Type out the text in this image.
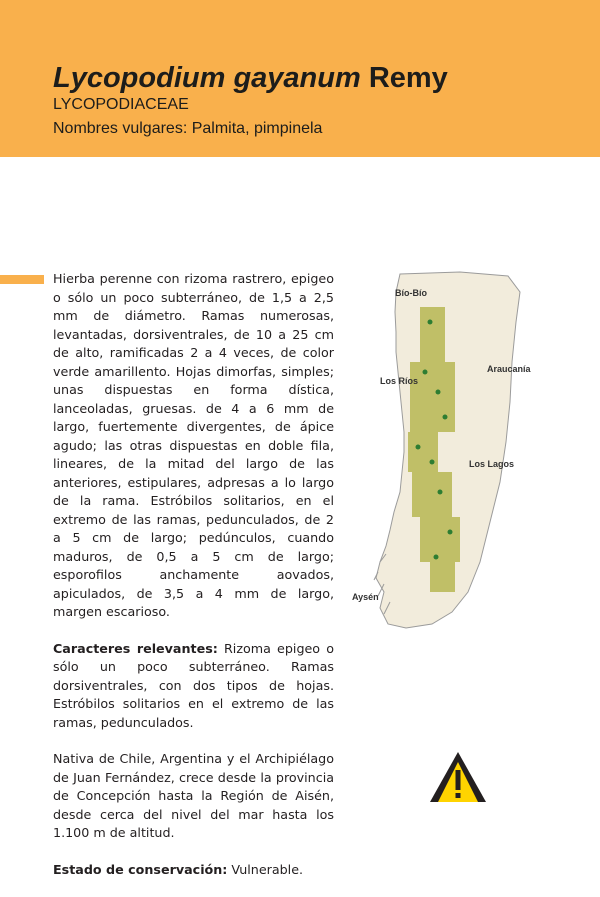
Lycopodium gayanum Remy
LYCOPODIACEAE
Nombres vulgares: Palmita, pimpinela

Hierba perenne con rizoma rastrero, epigeo o sólo un poco subterráneo, de 1,5 a 2,5 mm de diámetro. Ramas numerosas, levantadas, dorsiventrales, de 10 a 25 cm de alto, ramificadas 2 a 4 veces, de color verde amarillento. Hojas dimorfas, simples; unas dispuestas en forma dística, lanceoladas, gruesas. de 4 a 6 mm de largo, fuertemente divergentes, de ápice agudo; las otras dispuestas en doble fila, lineares, de la mitad del largo de las anteriores, estipulares, adpresas a lo largo de la rama. Estróbilos solitarios, en el extremo de las ramas, pedunculados, de 2 a 5 cm de largo; pedúnculos, cuando maduros, de 0,5 a 5 cm de largo; esporofilos anchamente aovados, apiculados, de 3,5 a 4 mm de largo, margen escarioso.

Caracteres relevantes: Rizoma epigeo o sólo un poco subterráneo. Ramas dorsiventrales, con dos tipos de hojas. Estróbilos solitarios en el extremo de las ramas, pedunculados.

Nativa de Chile, Argentina y el Archipiélago de Juan Fernández, crece desde la provincia de Concepción hasta la Región de Aisén, desde cerca del nivel del mar hasta los 1.100 m de altitud.

Estado de conservación: Vulnerable.

Bío-Bío
Araucanía
Los Ríos
Los Lagos
Aysén
